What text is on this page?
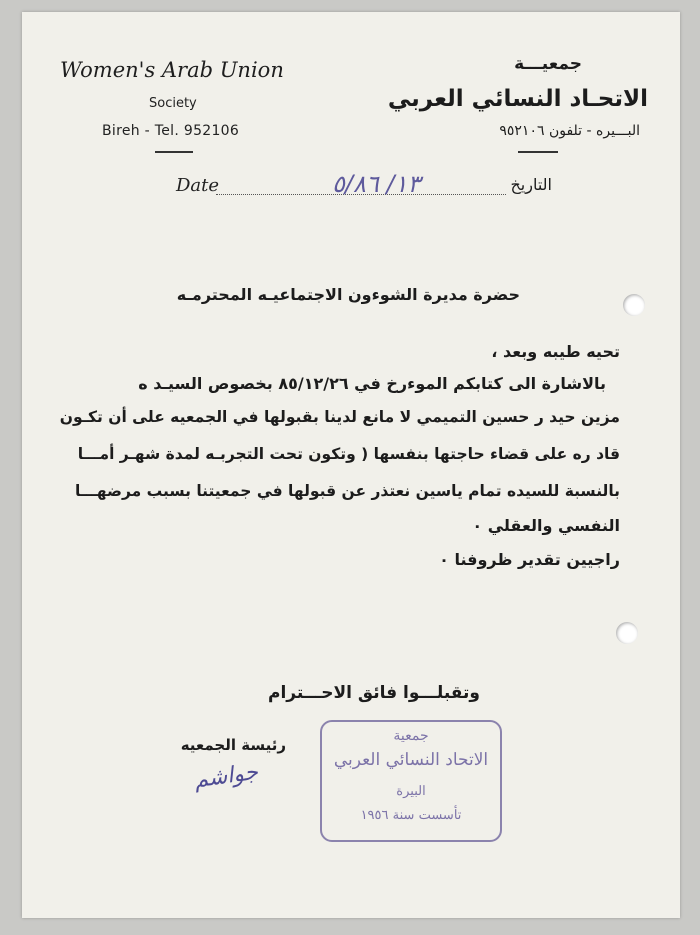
Women's Arab Union
Society
Bireh - Tel. 952106
جمعيـــة
الاتحـاد النسائي العربي
البـــيره - تلفون ٩٥٢١٠٦
Date	١٣/ ٥/٨٦	التاريخ
حضرة مديرة الشوءون الاجتماعيـه المحترمـه
تحيه طيبه وبعد ،
بالاشارة الى كتابكم الموءرخ في ٨٥/١٢/٢٦ بخصوص السيـد ه
مزين حيد ر حسين التميمي لا مانع لدينا بقبولها في الجمعيه على أن تكـون
قاد ره على قضاء حاجتها بنفسها ( وتكون تحت التجربـه لمدة شهـر أمـــا
بالنسبة للسيده تمام ياسين نعتذر عن قبولها في جمعيتنا بسبب مرضهـــا
النفسي والعقلي ٠
راجيين تقدير ظروفنا ٠
وتقبلـــوا فائق الاحـــترام
رئيسة الجمعيه
جواشم
جمعية
الاتحاد النسائي العربي
البيرة
تأسست سنة ١٩٥٦
